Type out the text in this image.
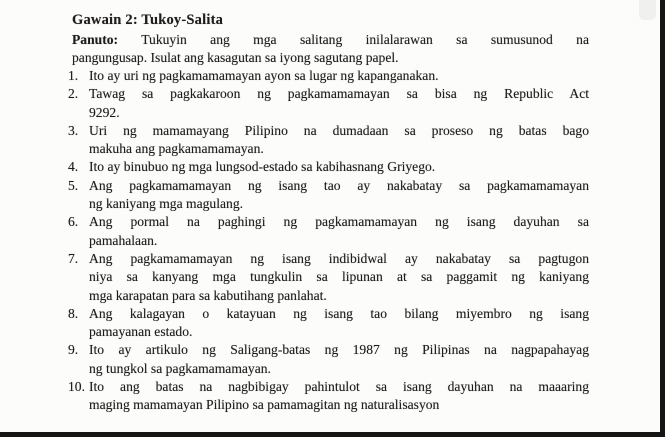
Gawain 2: Tukoy-Salita
Panuto: Tukuyin ang mga salitang inilalarawan sa sumusunod na
pangungusap. Isulat ang kasagutan sa iyong sagutang papel.
1. Ito ay uri ng pagkamamamayan ayon sa lugar ng kapanganakan.
2. Tawag sa pagkakaroon ng pagkamamamayan sa bisa ng Republic Act
9292.
3. Uri ng mamamayang Pilipino na dumadaan sa proseso ng batas bago
makuha ang pagkamamamayan.
4. Ito ay binubuo ng mga lungsod-estado sa kabihasnang Griyego.
5. Ang pagkamamamayan ng isang tao ay nakabatay sa pagkamamamayan
ng kaniyang mga magulang.
6. Ang pormal na paghingi ng pagkamamamayan ng isang dayuhan sa
pamahalaan.
7. Ang pagkamamamayan ng isang indibidwal ay nakabatay sa pagtugon
niya sa kanyang mga tungkulin sa lipunan at sa paggamit ng kaniyang
mga karapatan para sa kabutihang panlahat.
8. Ang kalagayan o katayuan ng isang tao bilang miyembro ng isang
pamayanan estado.
9. Ito ay artikulo ng Saligang-batas ng 1987 ng Pilipinas na nagpapahayag
ng tungkol sa pagkamamamayan.
10. Ito ang batas na nagbibigay pahintulot sa isang dayuhan na maaaring
maging mamamayan Pilipino sa pamamagitan ng naturalisasyon
